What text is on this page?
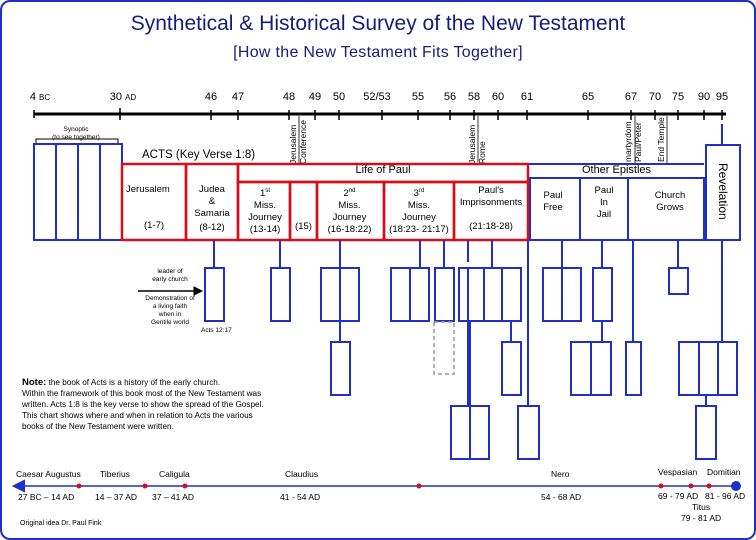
Synthetical & Historical Survey of the New Testament
[How the New Testament Fits Together]
4 BC	30 AD	46 47	48 49 50 52/53 55 56 58 60 61	65	67 70 75 90 95
Jerusalem
Conference	Jerusalem
Rome	martyrdom
Paul/Peter End Temple
Synoptic
(to see together)
ACTS (Key Verse 1:8)
Life of Paul	Other Epistles
Jerusalem
(1-7)
Judea
&
Samaria
(8-12)
1st
Miss.
Journey
(13-14)	(15)
2nd
Miss.
Journey
(16-18:22)
3rd
Miss.
Journey
(18:23- 21:17)
Paul's
Imprisonments
(21:18-28)
Paul
Free
Paul
In
Jail
Church
Grows	Revelation
leader of
early church
Demonstration of
a living faith
when in
Gentile world
Acts 12:17
Note: the book of Acts is a history of the early church.
Within the framework of this book most of the New Testament was
written. Acts 1:8 is the key verse to show the spread of the Gospel.
This chart shows where and when in relation to Acts the various
books of the New Testament were written.
Caesar Augustus
27 BC – 14 AD
Tiberius
14 – 37 AD
Caligula
37 – 41 AD
Claudius
41 - 54 AD
Nero
54 - 68 AD
Vespasian
69 - 79 AD
Titus
79 - 81 AD
Domitian
81 - 96 AD
Original idea Dr. Paul Fink
